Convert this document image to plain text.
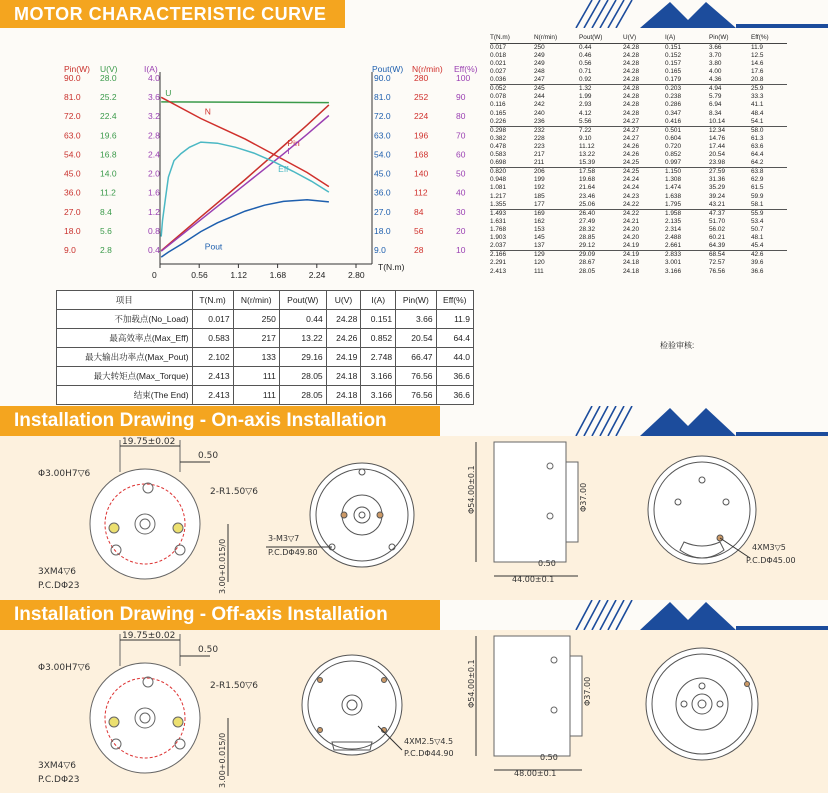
MOTOR CHARACTERISTIC CURVE
Installation Drawing - On-axis Installation
Installation Drawing - Off-axis Installation
Pin(W) U(V)	I(A)	Pout(W) N(r/min) Eff(%)
90.0 28.0	4.0	90.0	280	100
81.0 25.2	3.6	81.0	252	90
72.0 22.4	3.2	72.0	224	80
63.0 19.6	2.8	63.0	196	70
54.0 16.8	2.4	54.0	168	60
45.0 14.0	2.0	45.0	140	50
36.0 11.2	1.6	36.0	112	40
27.0 8.4	1.2	27.0	84	30
18.0 5.6	0.8	18.0	56	20
9.0	2.8	0.4	9.0	28	10
0	0.56	1.12	1.68	2.24	2.80
T(N.m)
U
N
Pin
I
Pout
Eff
项目	T(N.m)	N(r/min)	Pout(W)	U(V)	I(A)	Pin(W)	Eff(%)
不加载点(No_Load)	0.017	250	0.44	24.28	0.151	3.66	11.9
最高效率点(Max_Eff)	0.583	217	13.22	24.26	0.852	20.54	64.4
最大输出功率点(Max_Pout)	2.102	133	29.16	24.19	2.748	66.47	44.0
最大转矩点(Max_Torque)	2.413	111	28.05	24.18	3.166	76.56	36.6
结束(The End)	2.413	111	28.05	24.18	3.166	76.56	36.6
T(N.m)	N(r/min)	Pout(W)	U(V)	I(A)	Pin(W)	Eff(%)
0.017	250	0.44	24.28	0.151	3.66	11.9
0.018	249	0.46	24.28	0.152	3.70	12.5
0.021	249	0.56	24.28	0.157	3.80	14.6
0.027	248	0.71	24.28	0.165	4.00	17.6
0.036	247	0.92	24.28	0.179	4.36	20.8
0.052	245	1.32	24.28	0.203	4.94	25.9
0.078	244	1.99	24.28	0.238	5.79	33.3
0.116	242	2.93	24.28	0.286	6.94	41.1
0.165	240	4.12	24.28	0.347	8.34	48.4
0.226	236	5.56	24.27	0.416	10.14	54.1
0.298	232	7.22	24.27	0.501	12.34	58.0
0.382	228	9.10	24.27	0.604	14.76	61.3
0.478	223	11.12	24.26	0.720	17.44	63.6
0.583	217	13.22	24.26	0.852	20.54	64.4
0.698	211	15.39	24.25	0.997	23.98	64.2
0.820	206	17.58	24.25	1.150	27.59	63.8
0.948	199	19.68	24.24	1.308	31.36	62.9
1.081	192	21.64	24.24	1.474	35.29	61.5
1.217	185	23.46	24.23	1.638	39.24	59.9
1.355	177	25.06	24.22	1.795	43.21	58.1
1.493	169	26.40	24.22	1.958	47.37	55.9
1.631	162	27.49	24.21	2.135	51.70	53.4
1.768	153	28.32	24.20	2.314	56.02	50.7
1.903	145	28.85	24.20	2.488	60.21	48.1
2.037	137	29.12	24.19	2.661	64.39	45.4
2.166	129	29.09	24.19	2.833	68.54	42.6
2.291	120	28.67	24.18	3.001	72.57	39.6
2.413	111	28.05	24.18	3.166	76.56	36.6
检验审核:
19.75±0.02
0.50
Φ3.00H7▽6
2-R1.50▽6
3XM4▽6
P.C.DΦ23	3.00+0.015/0
3-M3▽7
P.C.DΦ49.80
Φ54.00±0.1	Φ37.00
0.50
44.00±0.1
4XM3▽5
P.C.DΦ45.00
19.75±0.02
0.50
Φ3.00H7▽6
2-R1.50▽6
3XM4▽6
P.C.DΦ23	3.00+0.015/0	4XM2.5▽4.5
P.C.DΦ44.90
Φ54.00±0.1	Φ37.00
0.50
48.00±0.1
